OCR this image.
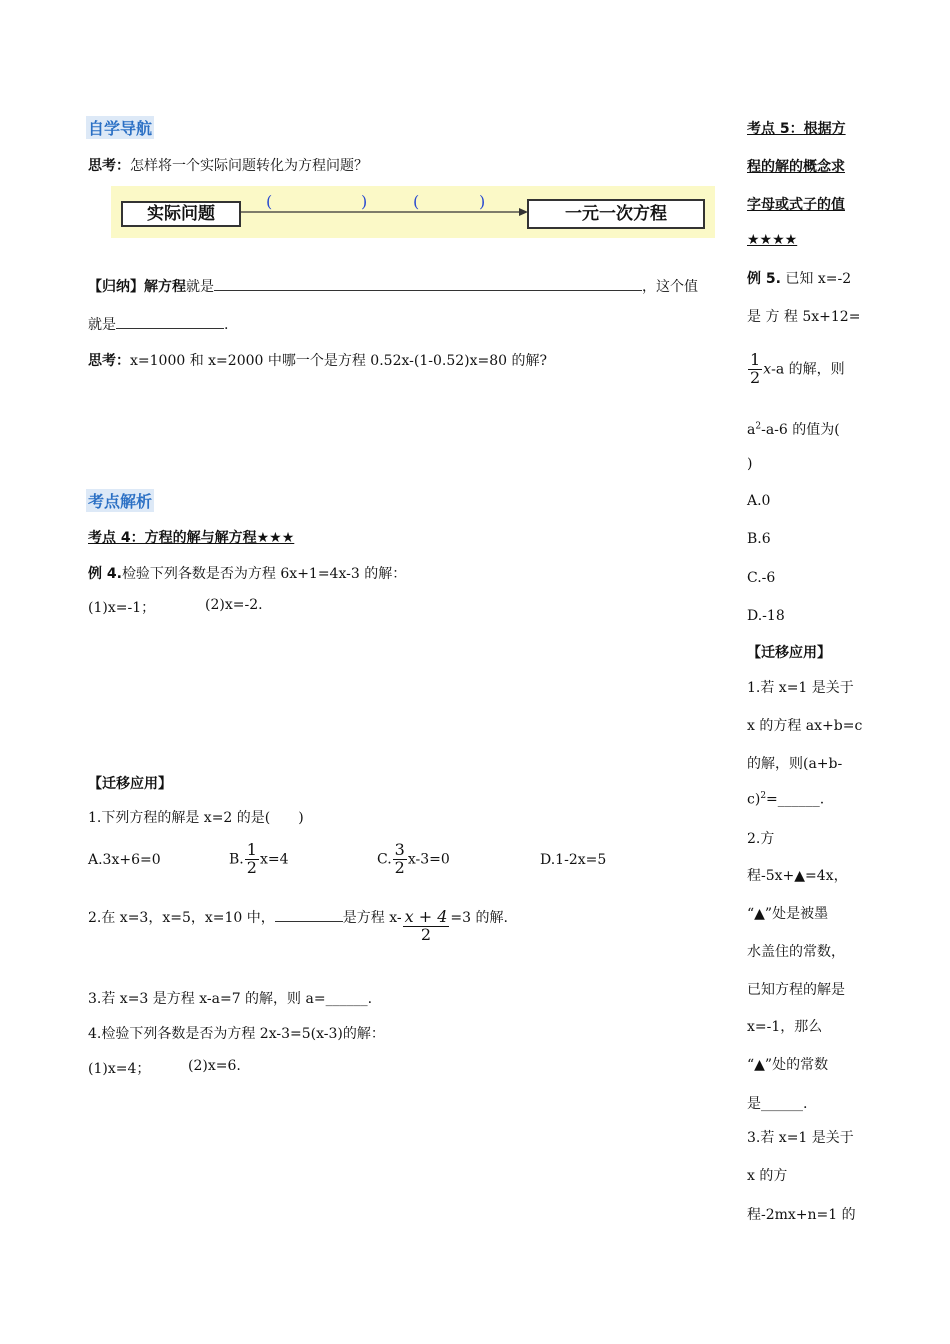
自学导航
思考：怎样将一个实际问题转化为方程问题？
实际问题
(	)	(	)
一元一次方程
【归纳】解方程就是	，这个值
就是	.
思考：x=1000 和 x=2000 中哪一个是方程 0.52x-(1-0.52)x=80 的解?
考点解析
考点 4：方程的解与解方程★★★
例 4.检验下列各数是否为方程 6x+1=4x-3 的解：
(1)x=-1；	(2)x=-2.
【迁移应用】
1.下列方程的解是 x=2 的是(　　)
A.3x+6=0	B. $\frac{1}{2} x=4$	C. $\frac{3}{2} x-3=0$	D.1-2x=5
2.在 x=3，x=5，x=10 中，	是方程 $x- \frac{x + 4}{2} =3$ 的解.
3.若 x=3 是方程 x-a=7 的解，则 a=______.
4.检验下列各数是否为方程 2x-3=5(x-3)的解：
(1)x=4；	(2)x=6.
考点 5：根据方
程的解的概念求
字母或式子的值
★★★★
例 5. 已知 x=-2
是 方 程 5x+12=
$\frac{1}{2} x-a$ 的解，则
$a^2-a-6$ 的值为(
)
A.0
B.6
C.-6
D.-18
【迁移应用】
1.若 x=1 是关于
x 的方程 ax+b=c
的解，则(a+b-
c)$^2$=______.
2.方
程-5x+▲=4x，
“▲”处是被墨
水盖住的常数，
已知方程的解是
x=-1，那么
“▲”处的常数
是______.
3.若 x=1 是关于
x 的方
程-2mx+n=1 的
